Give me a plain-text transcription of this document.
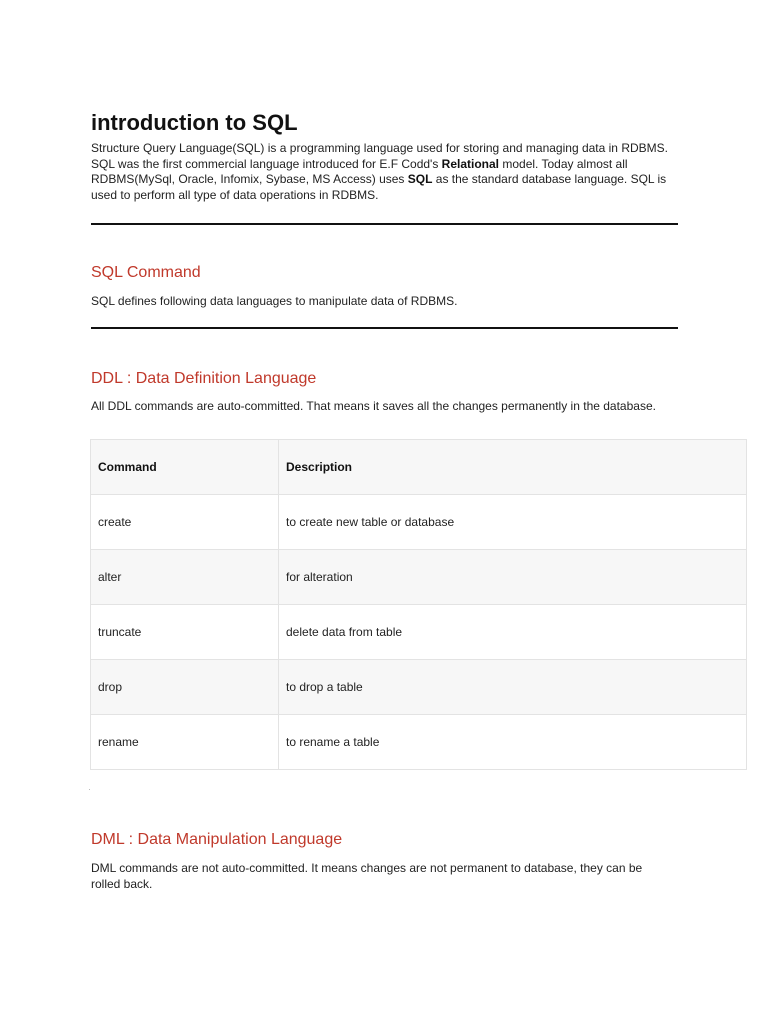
introduction to SQL

Structure Query Language(SQL) is a programming language used for storing and managing data in RDBMS. SQL was the first commercial language introduced for E.F Codd's Relational model. Today almost all RDBMS(MySql, Oracle, Infomix, Sybase, MS Access) uses SQL as the standard database language. SQL is used to perform all type of data operations in RDBMS.

SQL Command

SQL defines following data languages to manipulate data of RDBMS.

DDL : Data Definition Language

All DDL commands are auto-committed. That means it saves all the changes permanently in the database.

Command	Description
create	to create new table or database
alter	for alteration
truncate	delete data from table
drop	to drop a table
rename	to rename a table
DML : Data Manipulation Language

DML commands are not auto-committed. It means changes are not permanent to database, they can be rolled back.
